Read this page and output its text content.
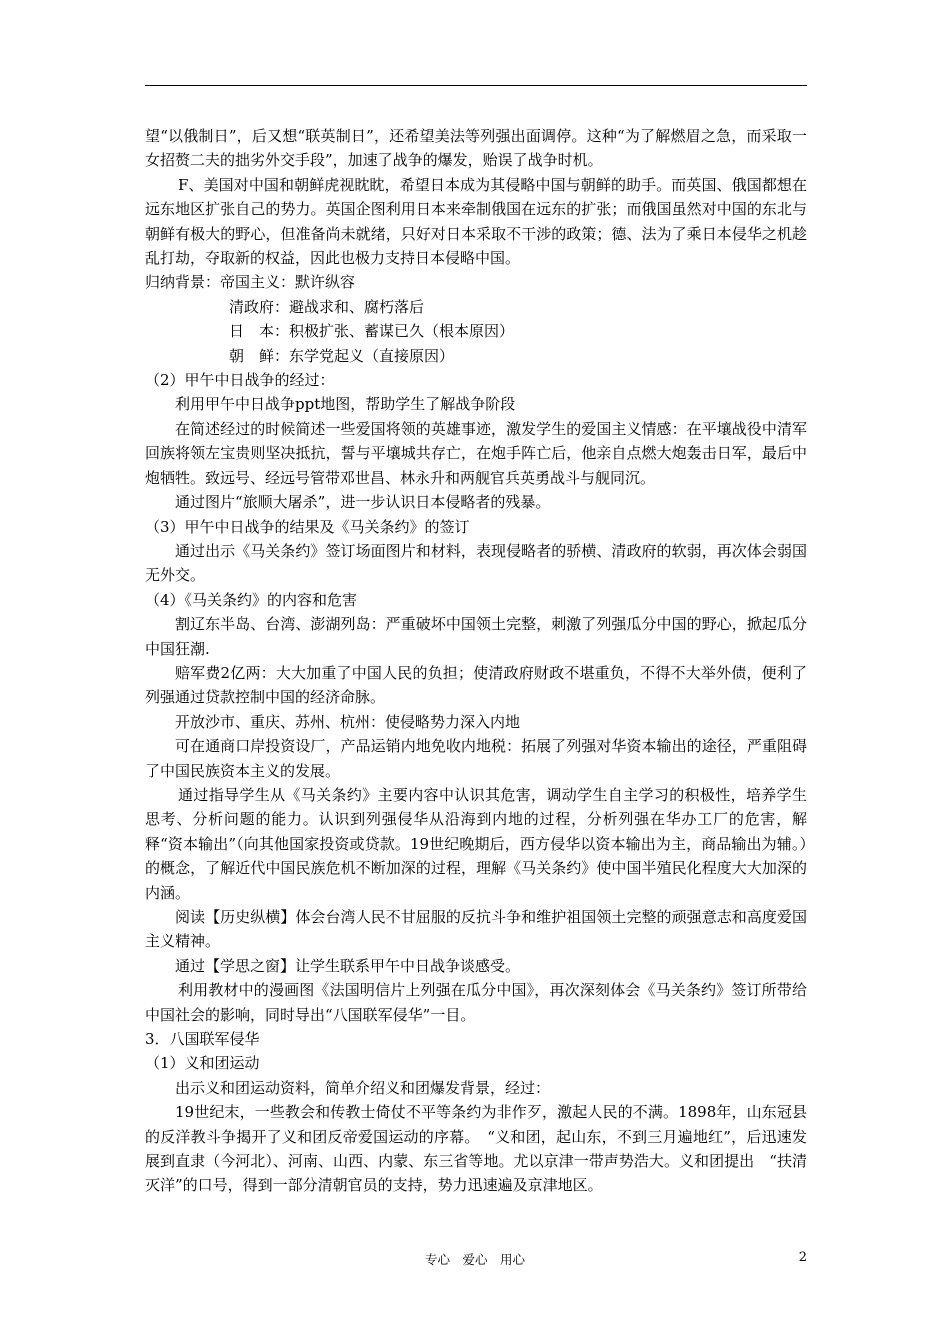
望“以俄制日”，后又想“联英制日”，还希望美法等列强出面调停。这种“为了解燃眉之急，而采取一女招赘二夫的拙劣外交手段”，加速了战争的爆发，贻误了战争时机。

F、美国对中国和朝鲜虎视眈眈，希望日本成为其侵略中国与朝鲜的助手。而英国、俄国都想在远东地区扩张自己的势力。英国企图利用日本来牵制俄国在远东的扩张；而俄国虽然对中国的东北与朝鲜有极大的野心，但准备尚未就绪，只好对日本采取不干涉的政策；德、法为了乘日本侵华之机趁乱打劫，夺取新的权益，因此也极力支持日本侵略中国。

归纳背景： 帝国主义： 默许纵容
清政府： 避战求和、腐朽落后
日　本： 积极扩张、蓄谋已久（根本原因）
朝　鲜： 东学党起义（直接原因）

（2）甲午中日战争的经过：

利用甲午中日战争ppt地图，帮助学生了解战争阶段

在简述经过的时候简述一些爱国将领的英雄事迹，激发学生的爱国主义情感：在平壤战役中清军回族将领左宝贵则坚决抵抗，誓与平壤城共存亡，在炮手阵亡后，他亲自点燃大炮轰击日军，最后中炮牺牲。致远号、经远号管带邓世昌、林永升和两舰官兵英勇战斗与舰同沉。

通过图片“旅顺大屠杀”，进一步认识日本侵略者的残暴。

（3）甲午中日战争的结果及《马关条约》的签订

通过出示《马关条约》签订场面图片和材料，表现侵略者的骄横、清政府的软弱，再次体会弱国无外交。

（4）《马关条约》的内容和危害

割辽东半岛、台湾、澎湖列岛：严重破坏中国领土完整，刺激了列强瓜分中国的野心，掀起瓜分中国狂潮.

赔军费2亿两：大大加重了中国人民的负担；使清政府财政不堪重负，不得不大举外债，便利了列强通过贷款控制中国的经济命脉。

开放沙市、重庆、苏州、杭州：使侵略势力深入内地

可在通商口岸投资设厂，产品运销内地免收内地税：拓展了列强对华资本输出的途径，严重阻碍了中国民族资本主义的发展。

通过指导学生从《马关条约》主要内容中认识其危害，调动学生自主学习的积极性，培养学生思考、分析问题的能力。认识到列强侵华从沿海到内地的过程，分析列强在华办工厂的危害，解释“资本输出”（向其他国家投资或贷款。19世纪晚期后，西方侵华以资本输出为主，商品输出为辅。）的概念，了解近代中国民族危机不断加深的过程，理解《马关条约》使中国半殖民化程度大大加深的内涵。

阅读【历史纵横】体会台湾人民不甘屈服的反抗斗争和维护祖国领土完整的顽强意志和高度爱国主义精神。

通过【学思之窗】让学生联系甲午中日战争谈感受。

利用教材中的漫画图《法国明信片上列强在瓜分中国》，再次深刻体会《马关条约》签订所带给中国社会的影响，同时导出“八国联军侵华”一目。

3．八国联军侵华

（1）义和团运动

出示义和团运动资料，简单介绍义和团爆发背景，经过：

19世纪末，一些教会和传教士倚仗不平等条约为非作歹，激起人民的不满。1898年，山东冠县的反洋教斗争揭开了义和团反帝爱国运动的序幕。　“义和团，起山东，不到三月遍地红”，后迅速发展到直隶（今河北）、河南、山西、内蒙、东三省等地。尤以京津一带声势浩大。义和团提出　“扶清灭洋”的口号，得到一部分清朝官员的支持，势力迅速遍及京津地区。

专心　爱心　用心	2
